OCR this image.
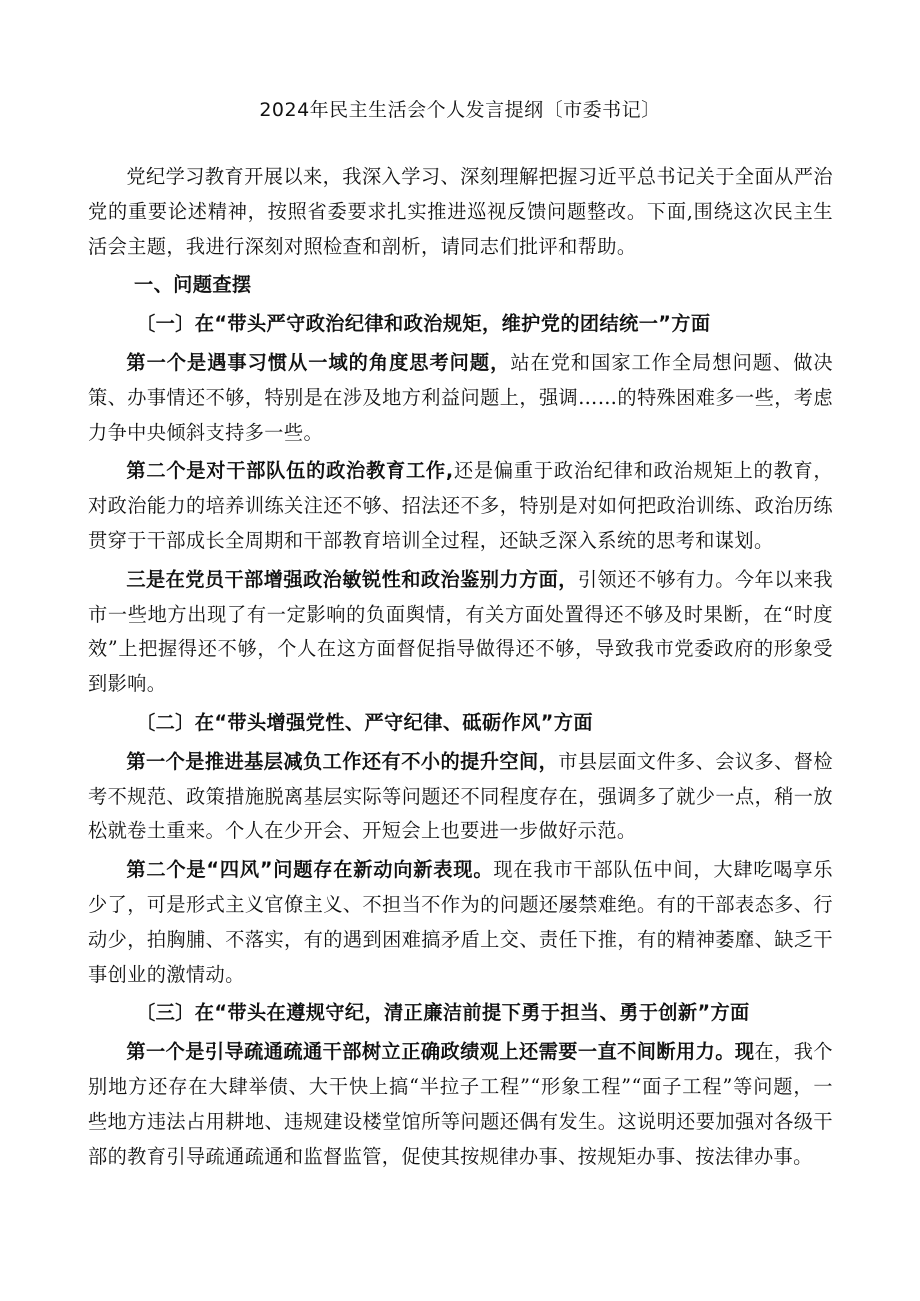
2024年民主生活会个人发言提纲〔市委书记〕

党纪学习教育开展以来，我深入学习、深刻理解把握习近平总书记关于全面从严治党的重要论述精神，按照省委要求扎实推进巡视反馈问题整改。下面,围绕这次民主生活会主题，我进行深刻对照检查和剖析，请同志们批评和帮助。

一、问题查摆

〔一〕在“带头严守政治纪律和政治规矩，维护党的团结统一”方面

第一个是遇事习惯从一域的角度思考问题，站在党和国家工作全局想问题、做决策、办事情还不够，特别是在涉及地方利益问题上，强调……的特殊困难多一些，考虑力争中央倾斜支持多一些。

第二个是对干部队伍的政治教育工作,还是偏重于政治纪律和政治规矩上的教育，对政治能力的培养训练关注还不够、招法还不多，特别是对如何把政治训练、政治历练贯穿于干部成长全周期和干部教育培训全过程，还缺乏深入系统的思考和谋划。

三是在党员干部增强政治敏锐性和政治鉴别力方面，引领还不够有力。今年以来我市一些地方出现了有一定影响的负面舆情，有关方面处置得还不够及时果断，在“时度效”上把握得还不够，个人在这方面督促指导做得还不够，导致我市党委政府的形象受到影响。

〔二〕在“带头增强党性、严守纪律、砥砺作风”方面

第一个是推进基层减负工作还有不小的提升空间，市县层面文件多、会议多、督检考不规范、政策措施脱离基层实际等问题还不同程度存在，强调多了就少一点，稍一放松就卷土重来。个人在少开会、开短会上也要进一步做好示范。

第二个是“四风”问题存在新动向新表现。现在我市干部队伍中间，大肆吃喝享乐少了，可是形式主义官僚主义、不担当不作为的问题还屡禁难绝。有的干部表态多、行动少，拍胸脯、不落实，有的遇到困难搞矛盾上交、责任下推，有的精神萎靡、缺乏干事创业的激情动。

〔三〕在“带头在遵规守纪，清正廉洁前提下勇于担当、勇于创新”方面

第一个是引导疏通疏通干部树立正确政绩观上还需要一直不间断用力。现在，我个别地方还存在大肆举债、大干快上搞“半拉子工程”“形象工程”“面子工程”等问题，一些地方违法占用耕地、违规建设楼堂馆所等问题还偶有发生。这说明还要加强对各级干部的教育引导疏通疏通和监督监管，促使其按规律办事、按规矩办事、按法律办事。
